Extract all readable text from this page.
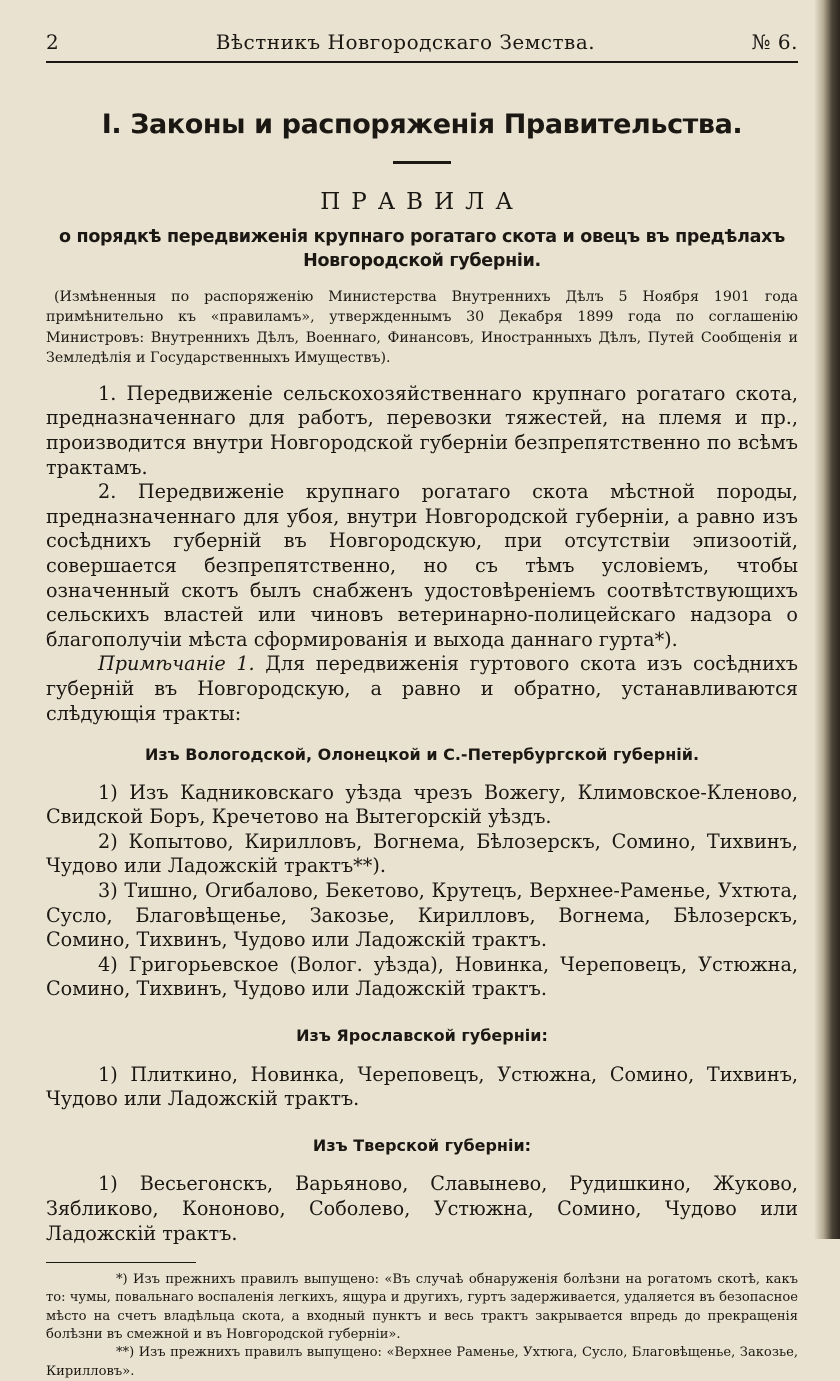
2	Вѣстникъ Новгородскаго Земства.	№ 6.
I. Законы и распоряженія Правительства.
ПРАВИЛА
о порядкѣ передвиженія крупнаго рогатаго скота и овецъ въ предѣлахъ Новгородской губерніи.

(Измѣненныя по распоряженію Министерства Внутреннихъ Дѣлъ 5 Ноября 1901 года примѣнительно къ «правиламъ», утвержденнымъ 30 Декабря 1899 года по соглашенію Министровъ: Внутреннихъ Дѣлъ, Военнаго, Финансовъ, Иностранныхъ Дѣлъ, Путей Сообщенія и Земледѣлія и Государственныхъ Имуществъ).

1. Передвиженіе сельскохозяйственнаго крупнаго рогатаго скота, предназначеннаго для работъ, перевозки тяжестей, на племя и пр., производится внутри Новгородской губерніи безпрепятственно по всѣмъ трактамъ.

2. Передвиженіе крупнаго рогатаго скота мѣстной породы, предназначеннаго для убоя, внутри Новгородской губерніи, а равно изъ сосѣднихъ губерній въ Новгородскую, при отсутствіи эпизоотій, совершается безпрепятственно, но съ тѣмъ условіемъ, чтобы означенный скотъ былъ снабженъ удостовѣреніемъ соотвѣтствующихъ сельскихъ властей или чиновъ ветеринарно-полицейскаго надзора о благополучіи мѣста сформированія и выхода даннаго гурта*).

Примѣчаніе 1. Для передвиженія гуртового скота изъ сосѣднихъ губерній въ Новгородскую, а равно и обратно, устанавливаются слѣдующія тракты:

Изъ Вологодской, Олонецкой и С.-Петербургской губерній.

1) Изъ Кадниковскаго уѣзда чрезъ Вожегу, Климовское-Кленово, Свидской Боръ, Кречетово на Вытегорскій уѣздъ.

2) Копытово, Кирилловъ, Вогнема, Бѣлозерскъ, Сомино, Тихвинъ, Чудово или Ладожскій трактъ**).

3) Тишно, Огибалово, Бекетово, Крутецъ, Верхнее-Раменье, Ухтюта, Сусло, Благовѣщенье, Закозье, Кирилловъ, Вогнема, Бѣлозерскъ, Сомино, Тихвинъ, Чудово или Ладожскій трактъ.

4) Григорьевское (Волог. уѣзда), Новинка, Череповецъ, Устюжна, Сомино, Тихвинъ, Чудово или Ладожскій трактъ.

Изъ Ярославской губерніи:

1) Плиткино, Новинка, Череповецъ, Устюжна, Сомино, Тихвинъ, Чудово или Ладожскій трактъ.

Изъ Тверской губерніи:

1) Весьегонскъ, Варьяново, Славынево, Рудишкино, Жуково, Зябликово, Кононово, Соболево, Устюжна, Сомино, Чудово или Ладожскій трактъ.

*) Изъ прежнихъ правилъ выпущено: «Въ случаѣ обнаруженія болѣзни на рогатомъ скотѣ, какъ то: чумы, повальнаго воспаленія легкихъ, ящура и другихъ, гуртъ задерживается, удаляется въ безопасное мѣсто на счетъ владѣльца скота, а входный пунктъ и весь трактъ закрывается впредь до прекращенія болѣзни въ смежной и въ Новгородской губерніи».

**) Изъ прежнихъ правилъ выпущено: «Верхнее Раменье, Ухтюга, Сусло, Благовѣщенье, Закозье, Кирилловъ».
